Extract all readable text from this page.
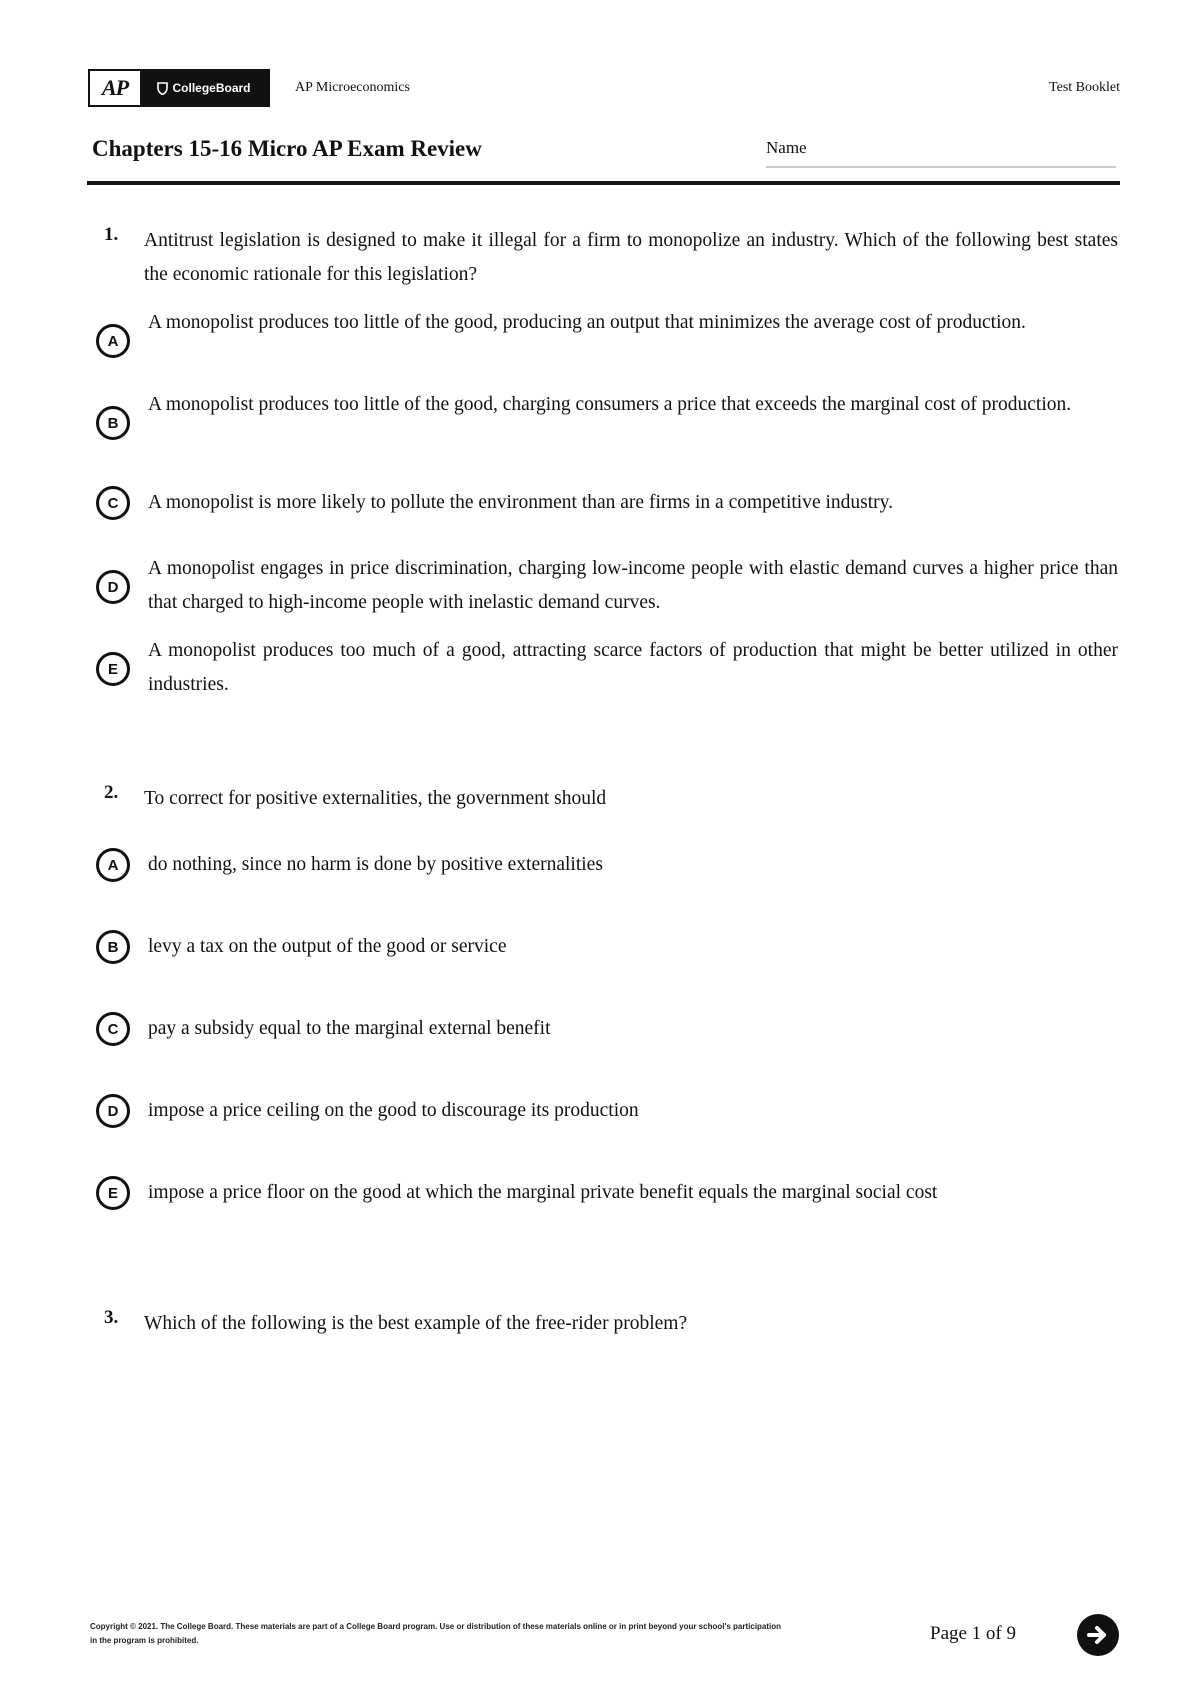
AP	CollegeBoard	AP Microeconomics	Test Booklet
Chapters 15-16 Micro AP Exam Review	Name
1. Antitrust legislation is designed to make it illegal for a firm to monopolize an industry. Which of the following best states the economic rationale for this legislation?
A
A monopolist produces too little of the good, producing an output that minimizes the average cost of production.
B
A monopolist produces too little of the good, charging consumers a price that exceeds the marginal cost of production.
C	A monopolist is more likely to pollute the environment than are firms in a competitive industry.
D
A monopolist engages in price discrimination, charging low-income people with elastic demand curves a higher price than that charged to high-income people with inelastic demand curves.
E
A monopolist produces too much of a good, attracting scarce factors of production that might be better utilized in other industries.
2. To correct for positive externalities, the government should
A	do nothing, since no harm is done by positive externalities
B	levy a tax on the output of the good or service
C	pay a subsidy equal to the marginal external benefit
D	impose a price ceiling on the good to discourage its production
E	impose a price floor on the good at which the marginal private benefit equals the marginal social cost
3. Which of the following is the best example of the free-rider problem?
Copyright © 2021. The College Board. These materials are part of a College Board program. Use or distribution of these materials online or in print beyond your school's participation in the program is prohibited.	Page 1 of 9
